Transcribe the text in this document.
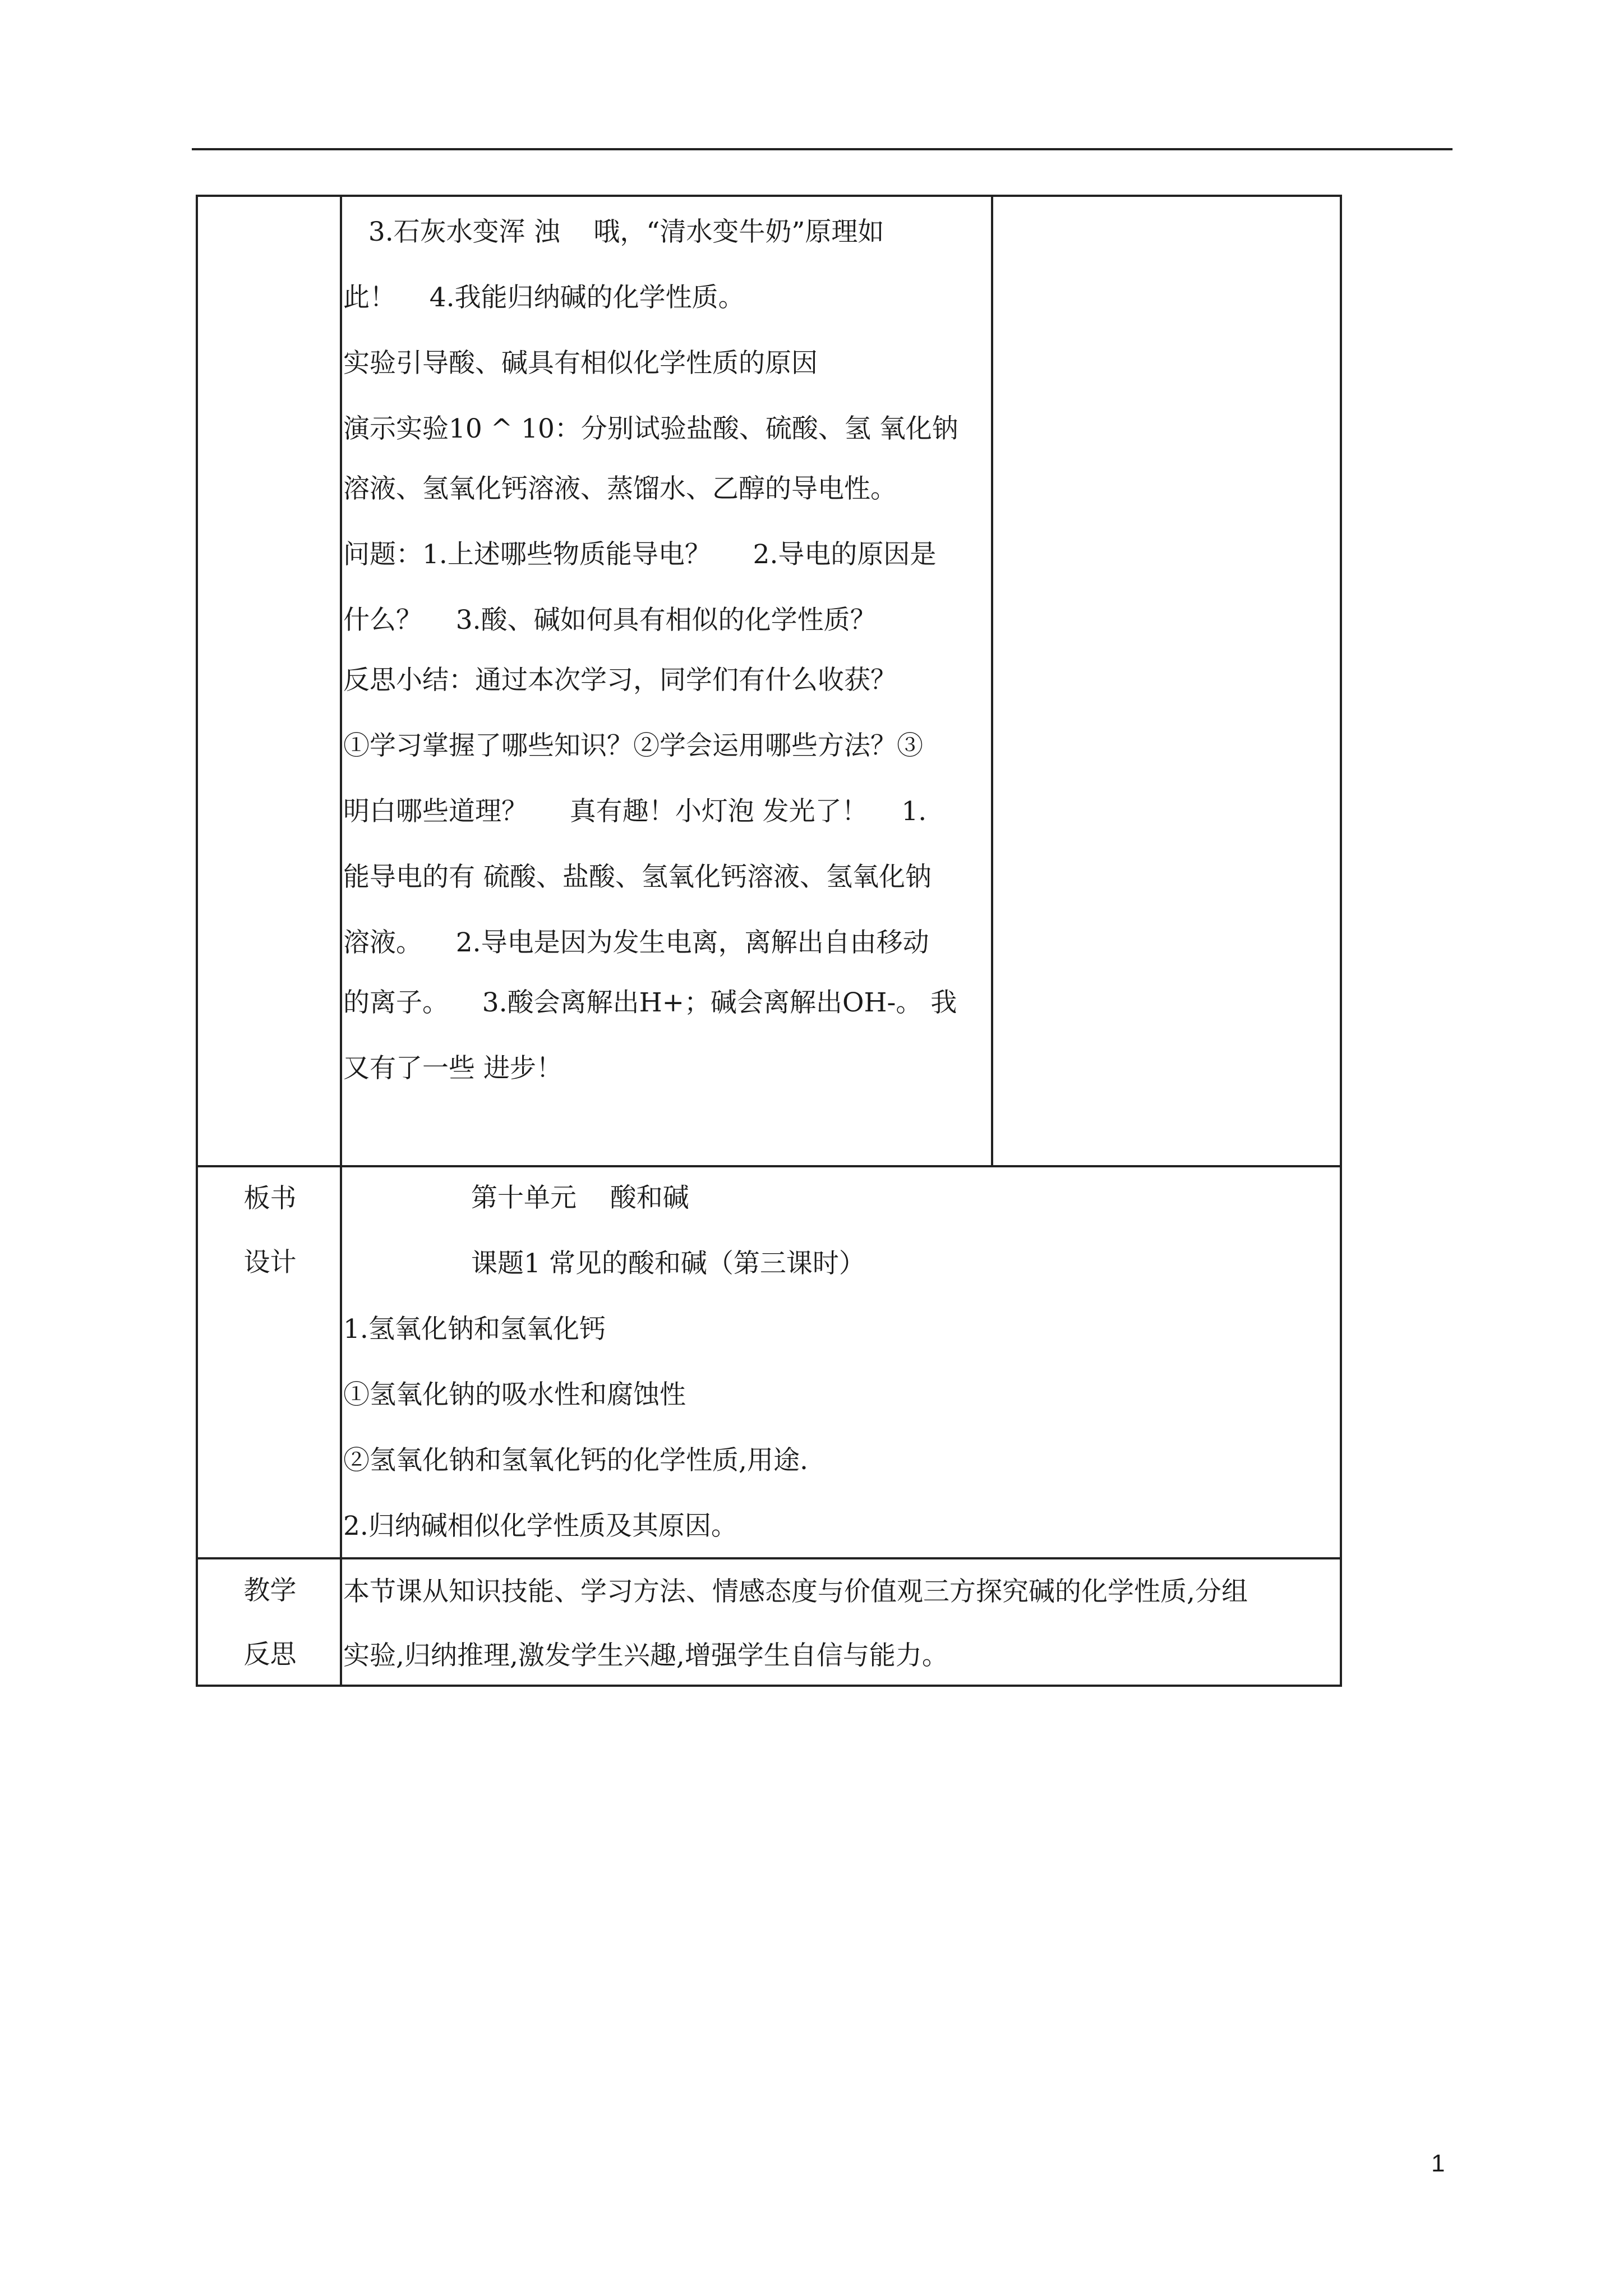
3.石灰水变浑 浊    哦，“清水变牛奶”原理如
此！    4.我能归纳碱的化学性质。
实验引导酸、碱具有相似化学性质的原因
演示实验10 ^ 10：分别试验盐酸、硫酸、氢 氧化钠
溶液、氢氧化钙溶液、蒸馏水、乙醇的导电性。
问题：1.上述哪些物质能导电？     2.导电的原因是
什么？    3.酸、碱如何具有相似的化学性质？
反思小结：通过本次学习，同学们有什么收获？
①学习掌握了哪些知识？②学会运用哪些方法？③
明白哪些道理？     真有趣！小灯泡 发光了！    1.
能导电的有 硫酸、盐酸、氢氧化钙溶液、氢氧化钠
溶液。    2.导电是因为发生电离，离解出自由移动
的离子。    3.酸会离解出H+；碱会离解出OH-。 我
又有了一些 进步！
板书
设计
第十单元    酸和碱
课题1 常见的酸和碱（第三课时）
1.氢氧化钠和氢氧化钙
①氢氧化钠的吸水性和腐蚀性
②氢氧化钠和氢氧化钙的化学性质,用途.
2.归纳碱相似化学性质及其原因。
教学
反思
本节课从知识技能、学习方法、情感态度与价值观三方探究碱的化学性质,分组
实验,归纳推理,激发学生兴趣,增强学生自信与能力。
1
